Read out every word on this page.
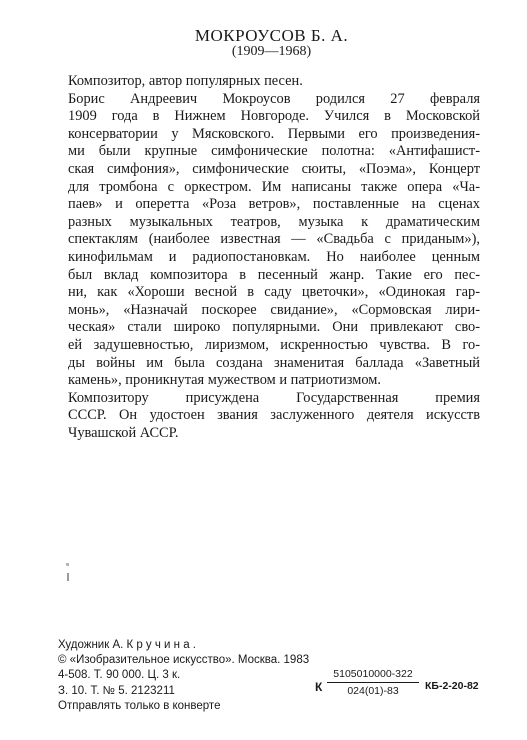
МОКРОУСОВ Б. А.
(1909—1968)
Композитор, автор популярных песен.
Борис Андреевич Мокроусов родился 27 февраля
1909 года в Нижнем Новгороде. Учился в Московской
консерватории у Мясковского. Первыми его произведения-
ми были крупные симфонические полотна: «Антифашист-
ская симфония», симфонические сюиты, «Поэма», Концерт
для тромбона с оркестром. Им написаны также опера «Ча-
паев» и оперетта «Роза ветров», поставленные на сценах
разных музыкальных театров, музыка к драматическим
спектаклям (наиболее известная — «Свадьба с приданым»),
кинофильмам и радиопостановкам. Но наиболее ценным
был вклад композитора в песенный жанр. Такие его пес-
ни, как «Хороши весной в саду цветочки», «Одинокая гар-
монь», «Назначай поскорее свидание», «Сормовская лири-
ческая» стали широко популярными. Они привлекают сво-
ей задушевностью, лиризмом, искренностью чувства. В го-
ды войны им была создана знаменитая баллада «Заветный
камень», проникнутая мужеством и патриотизмом.
Композитору присуждена Государственная премия
СССР. Он удостоен звания заслуженного деятеля искусств
Чувашской АССР.
Художник А. Кручина.
© «Изобразительное искусство». Москва. 1983
4-508. Т. 90 000. Ц. 3 к.
З. 10. Т. № 5. 2123211
Отправлять только в конверте
К $\frac{5105010000-322}{024(01)-83} КБ-2-20-82$
